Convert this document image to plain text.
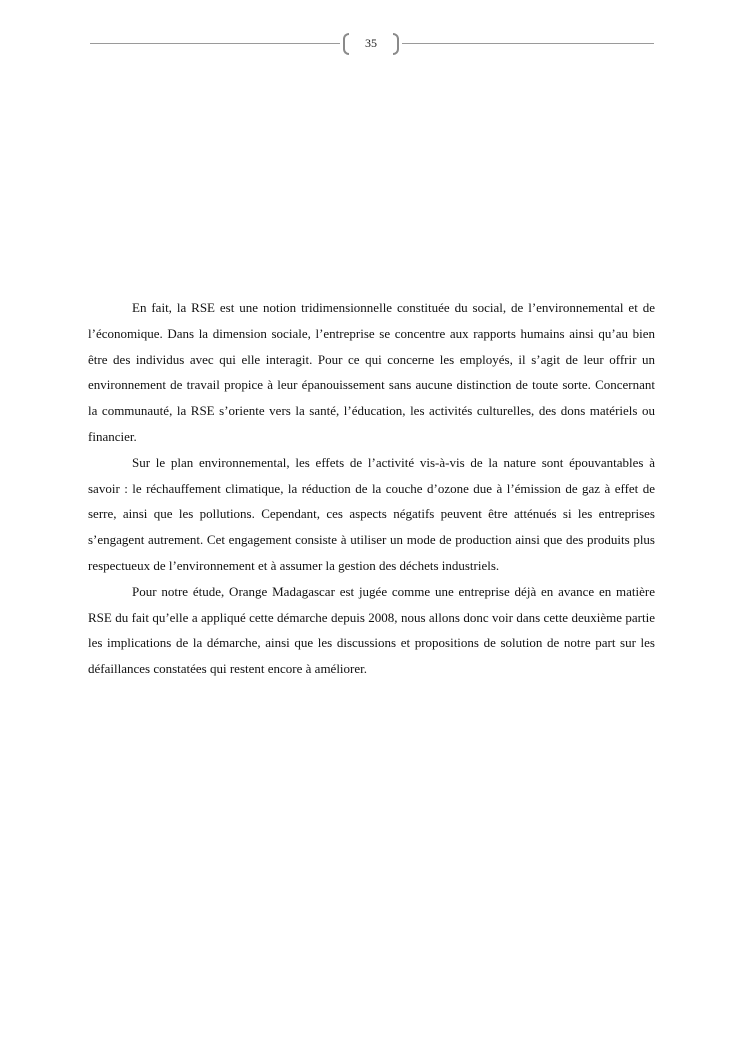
35

En fait, la RSE est une notion tridimensionnelle constituée du social, de l’environnemental et de l’économique. Dans la dimension sociale, l’entreprise se concentre aux rapports humains ainsi qu’au bien être des individus avec qui elle interagit. Pour ce qui concerne les employés, il s’agit de leur offrir un environnement de travail propice à leur épanouissement sans aucune distinction de toute sorte. Concernant la communauté, la RSE s’oriente vers la santé, l’éducation, les activités culturelles, des dons matériels ou financier.

Sur le plan environnemental, les effets de l’activité vis-à-vis de la nature sont épouvantables à savoir : le réchauffement climatique, la réduction de la couche d’ozone due à l’émission de gaz à effet de serre, ainsi que les pollutions. Cependant, ces aspects négatifs peuvent être atténués si les entreprises s’engagent autrement. Cet engagement consiste à utiliser un mode de production ainsi que des produits plus respectueux de l’environnement et à assumer la gestion des déchets industriels.

Pour notre étude, Orange Madagascar est jugée comme une entreprise déjà en avance en matière RSE du fait qu’elle a appliqué cette démarche depuis 2008, nous allons donc voir dans cette deuxième partie les implications de la démarche, ainsi que les discussions et propositions de solution de notre part sur les défaillances constatées qui restent encore à améliorer.
